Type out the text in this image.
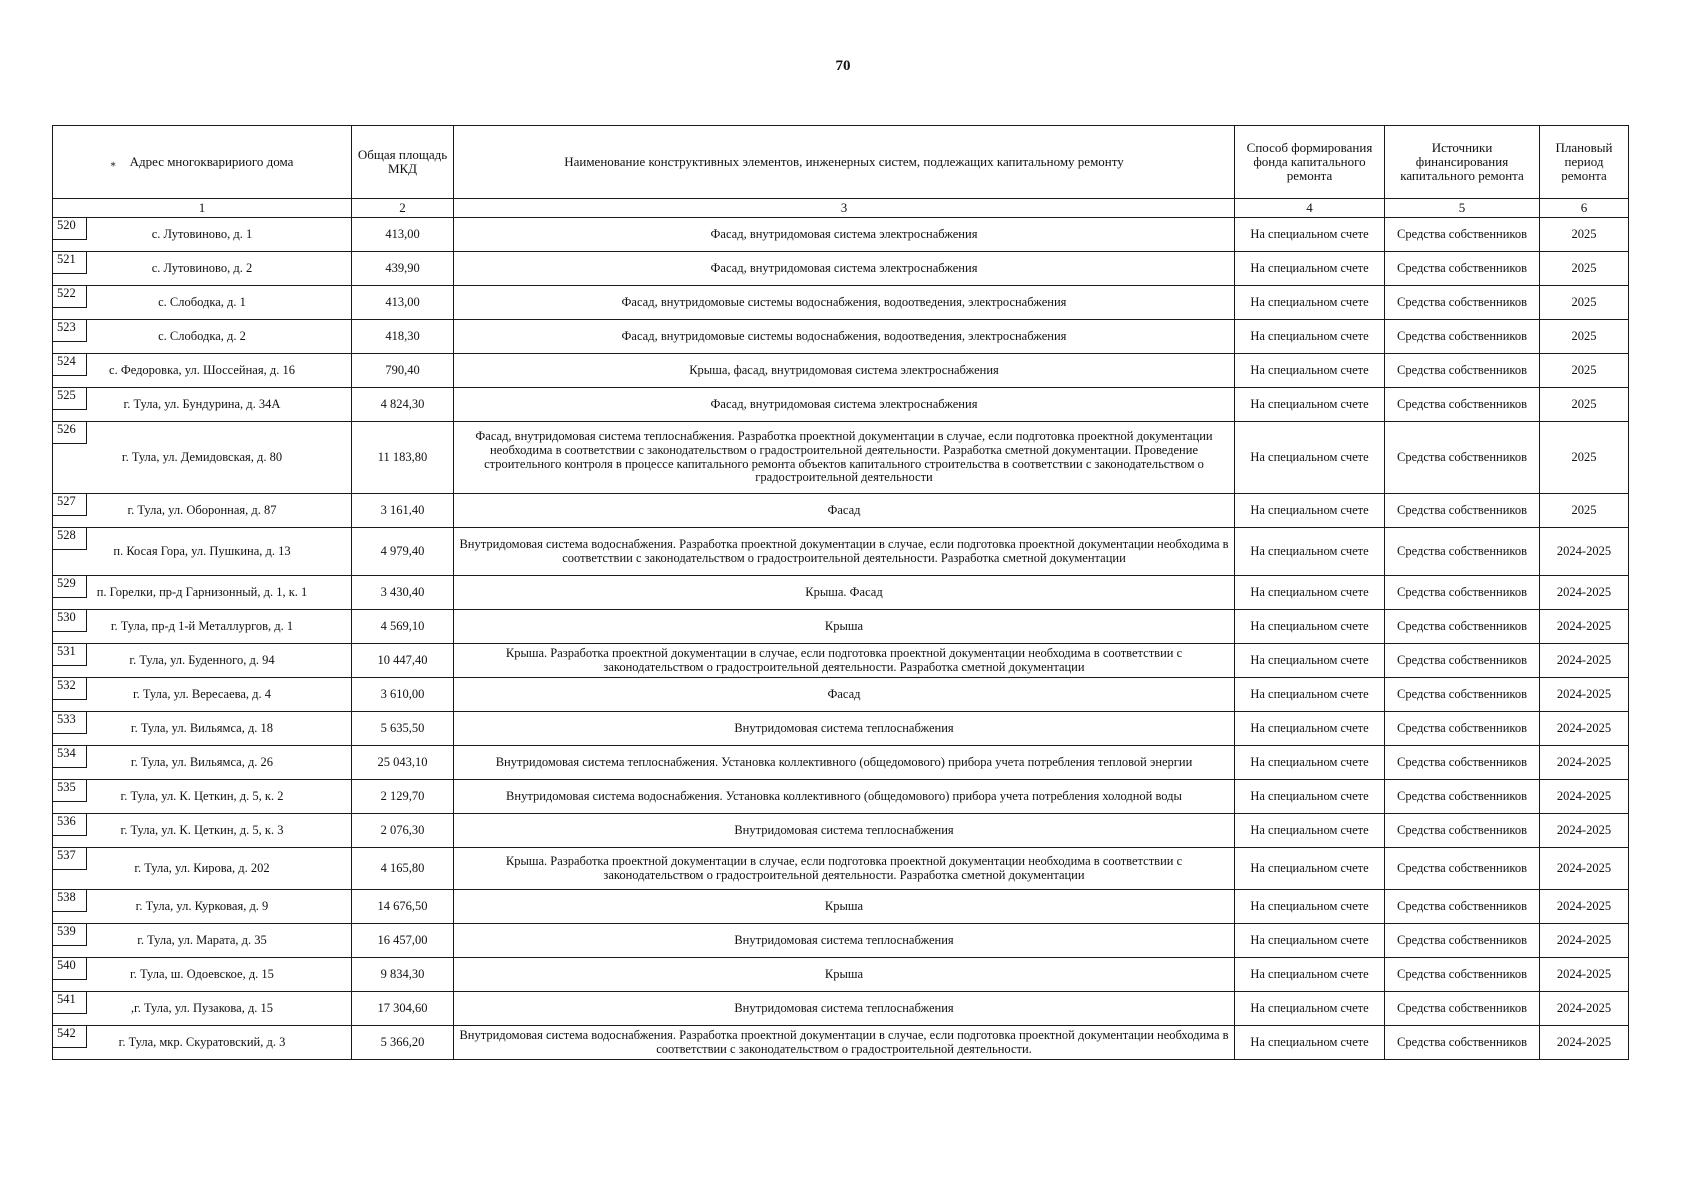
70
⁎ Адрес многокваририого дома	Общая площадь МКД	Наименование конструктивных элементов, инженерных систем, подлежащих капитальному ремонту	Способ формирования фонда капитального ремонта	Источники финансирования капитального ремонта	Плановый период ремонта
1	2	3	4	5	6

520
с. Лутовиново, д. 1	413,00	Фасад, внутридомовая система электроснабжения	На специальном счете	Средства собственников	2025

521
с. Лутовиново, д. 2	439,90	Фасад, внутридомовая система электроснабжения	На специальном счете	Средства собственников	2025

522
с. Слободка, д. 1	413,00	Фасад, внутридомовые системы водоснабжения, водоотведения, электроснабжения	На специальном счете	Средства собственников	2025

523
с. Слободка, д. 2	418,30	Фасад, внутридомовые системы водоснабжения, водоотведения, электроснабжения	На специальном счете	Средства собственников	2025

524
с. Федоровка, ул. Шоссейная, д. 16	790,40	Крыша, фасад, внутридомовая система электроснабжения	На специальном счете	Средства собственников	2025

525
г. Тула, ул. Бундурина, д. 34А	4 824,30	Фасад, внутридомовая система электроснабжения	На специальном счете	Средства собственников	2025

526
г. Тула, ул. Демидовская, д. 80	11 183,80	Фасад, внутридомовая система теплоснабжения. Разработка проектной документации в случае, если подготовка проектной документации необходима в соответствии с законодательством о градостроительной деятельности. Разработка сметной документации. Проведение строительного контроля в процессе капитального ремонта объектов капитального строительства в соответствии с законодательством о градостроительной деятельности	На специальном счете	Средства собственников	2025

527
г. Тула, ул. Оборонная, д. 87	3 161,40	Фасад	На специальном счете	Средства собственников	2025

528
п. Косая Гора, ул. Пушкина, д. 13	4 979,40	Внутридомовая система водоснабжения. Разработка проектной документации в случае, если подготовка проектной документации необходима в соответствии с законодательством о градостроительной деятельности. Разработка сметной документации	На специальном счете	Средства собственников	2024-2025

529
п. Горелки, пр-д Гарнизонный, д. 1, к. 1	3 430,40	Крыша. Фасад	На специальном счете	Средства собственников	2024-2025

530
г. Тула, пр-д 1-й Металлургов, д. 1	4 569,10	Крыша	На специальном счете	Средства собственников	2024-2025

531
г. Тула, ул. Буденного, д. 94	10 447,40	Крыша. Разработка проектной документации в случае, если подготовка проектной документации необходима в соответствии с законодательством о градостроительной деятельности. Разработка сметной документации	На специальном счете	Средства собственников	2024-2025

532
г. Тула, ул. Вересаева, д. 4	3 610,00	Фасад	На специальном счете	Средства собственников	2024-2025

533
г. Тула, ул. Вильямса, д. 18	5 635,50	Внутридомовая система теплоснабжения	На специальном счете	Средства собственников	2024-2025

534
г. Тула, ул. Вильямса, д. 26	25 043,10	Внутридомовая система теплоснабжения. Установка коллективного (общедомового) прибора учета потребления тепловой энергии	На специальном счете	Средства собственников	2024-2025

535
г. Тула, ул. К. Цеткин, д. 5, к. 2	2 129,70	Внутридомовая система водоснабжения. Установка коллективного (общедомового) прибора учета потребления холодной воды	На специальном счете	Средства собственников	2024-2025

536
г. Тула, ул. К. Цеткин, д. 5, к. 3	2 076,30	Внутридомовая система теплоснабжения	На специальном счете	Средства собственников	2024-2025

537
г. Тула, ул. Кирова, д. 202	4 165,80	Крыша. Разработка проектной документации в случае, если подготовка проектной документации необходима в соответствии с законодательством о градостроительной деятельности. Разработка сметной документации	На специальном счете	Средства собственников	2024-2025

538
г. Тула, ул. Курковая, д. 9	14 676,50	Крыша	На специальном счете	Средства собственников	2024-2025

539
г. Тула, ул. Марата, д. 35	16 457,00	Внутридомовая система теплоснабжения	На специальном счете	Средства собственников	2024-2025

540
г. Тула, ш. Одоевское, д. 15	9 834,30	Крыша	На специальном счете	Средства собственников	2024-2025

541
,г. Тула, ул. Пузакова, д. 15	17 304,60	Внутридомовая система теплоснабжения	На специальном счете	Средства собственников	2024-2025

542
г. Тула, мкр. Скуратовский, д. 3	5 366,20	Внутридомовая система водоснабжения. Разработка проектной документации в случае, если подготовка проектной документации необходима в соответствии с законодательством о градостроительной деятельности.	На специальном счете	Средства собственников	2024-2025
